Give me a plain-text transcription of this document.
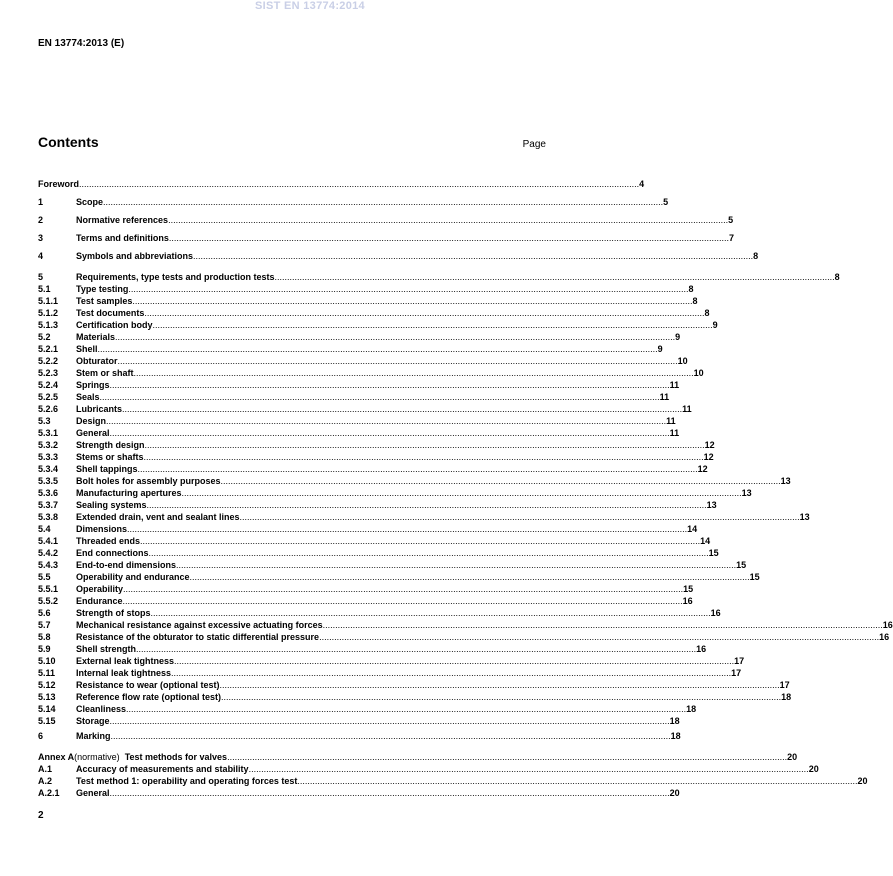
SIST EN 13774:2014
EN 13774:2013 (E)
Contents	Page
Foreword .....	4
1	Scope .....	5
2	Normative references .....	5
3	Terms and definitions .....	7
4	Symbols and abbreviations .....	8
5	Requirements, type tests and production tests .....	8
5.1	Type testing .....	8
5.1.1	Test samples .....	8
5.1.2	Test documents .....	8
5.1.3	Certification body .....	9
5.2	Materials .....	9
5.2.1	Shell .....	9
5.2.2	Obturator .....	10
5.2.3	Stem or shaft .....	10
5.2.4	Springs .....	11
5.2.5	Seals .....	11
5.2.6	Lubricants .....	11
5.3	Design .....	11
5.3.1	General .....	11
5.3.2	Strength design .....	12
5.3.3	Stems or shafts .....	12
5.3.4	Shell tappings .....	12
5.3.5	Bolt holes for assembly purposes .....	13
5.3.6	Manufacturing apertures .....	13
5.3.7	Sealing systems .....	13
5.3.8	Extended drain, vent and sealant lines .....	13
5.4	Dimensions .....	14
5.4.1	Threaded ends .....	14
5.4.2	End connections .....	15
5.4.3	End-to-end dimensions .....	15
5.5	Operability and endurance .....	15
5.5.1	Operability .....	15
5.5.2	Endurance .....	16
5.6	Strength of stops .....	16
5.7	Mechanical resistance against excessive actuating forces .....	16
5.8	Resistance of the obturator to static differential pressure .....	16
5.9	Shell strength .....	16
5.10	External leak tightness .....	17
5.11	Internal leak tightness .....	17
5.12	Resistance to wear (optional test) .....	17
5.13	Reference flow rate (optional test) .....	18
5.14	Cleanliness .....	18
5.15	Storage .....	18
6	Marking .....	18
Annex A (normative)  Test methods for valves .....	20
A.1	Accuracy of measurements and stability .....	20
A.2	Test method 1: operability and operating forces test .....	20
A.2.1	General .....	20
2
